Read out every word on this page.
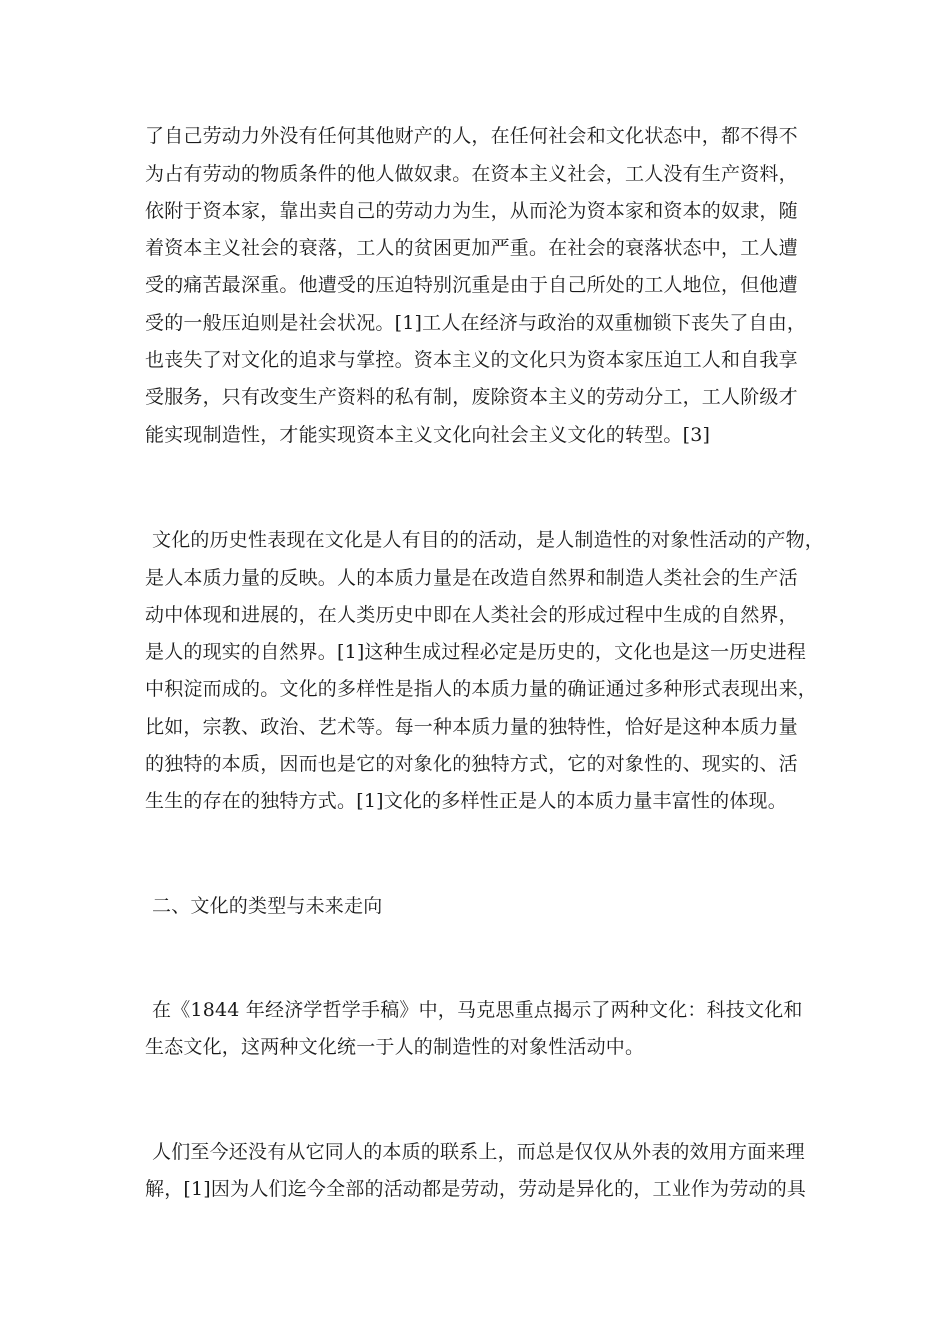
了自己劳动力外没有任何其他财产的人，在任何社会和文化状态中，都不得不
为占有劳动的物质条件的他人做奴隶。在资本主义社会，工人没有生产资料，
依附于资本家，靠出卖自己的劳动力为生，从而沦为资本家和资本的奴隶，随
着资本主义社会的衰落，工人的贫困更加严重。在社会的衰落状态中，工人遭
受的痛苦最深重。他遭受的压迫特别沉重是由于自己所处的工人地位，但他遭
受的一般压迫则是社会状况。[1]工人在经济与政治的双重枷锁下丧失了自由，
也丧失了对文化的追求与掌控。资本主义的文化只为资本家压迫工人和自我享
受服务，只有改变生产资料的私有制，废除资本主义的劳动分工，工人阶级才
能实现制造性，才能实现资本主义文化向社会主义文化的转型。[3]
文化的历史性表现在文化是人有目的的活动，是人制造性的对象性活动的产物，
是人本质力量的反映。人的本质力量是在改造自然界和制造人类社会的生产活
动中体现和进展的，在人类历史中即在人类社会的形成过程中生成的自然界，
是人的现实的自然界。[1]这种生成过程必定是历史的，文化也是这一历史进程
中积淀而成的。文化的多样性是指人的本质力量的确证通过多种形式表现出来，
比如，宗教、政治、艺术等。每一种本质力量的独特性，恰好是这种本质力量
的独特的本质，因而也是它的对象化的独特方式，它的对象性的、现实的、活
生生的存在的独特方式。[1]文化的多样性正是人的本质力量丰富性的体现。
二、文化的类型与未来走向
在《1844 年经济学哲学手稿》中，马克思重点揭示了两种文化：科技文化和
生态文化，这两种文化统一于人的制造性的对象性活动中。
人们至今还没有从它同人的本质的联系上，而总是仅仅从外表的效用方面来理
解，[1]因为人们迄今全部的活动都是劳动，劳动是异化的，工业作为劳动的具
